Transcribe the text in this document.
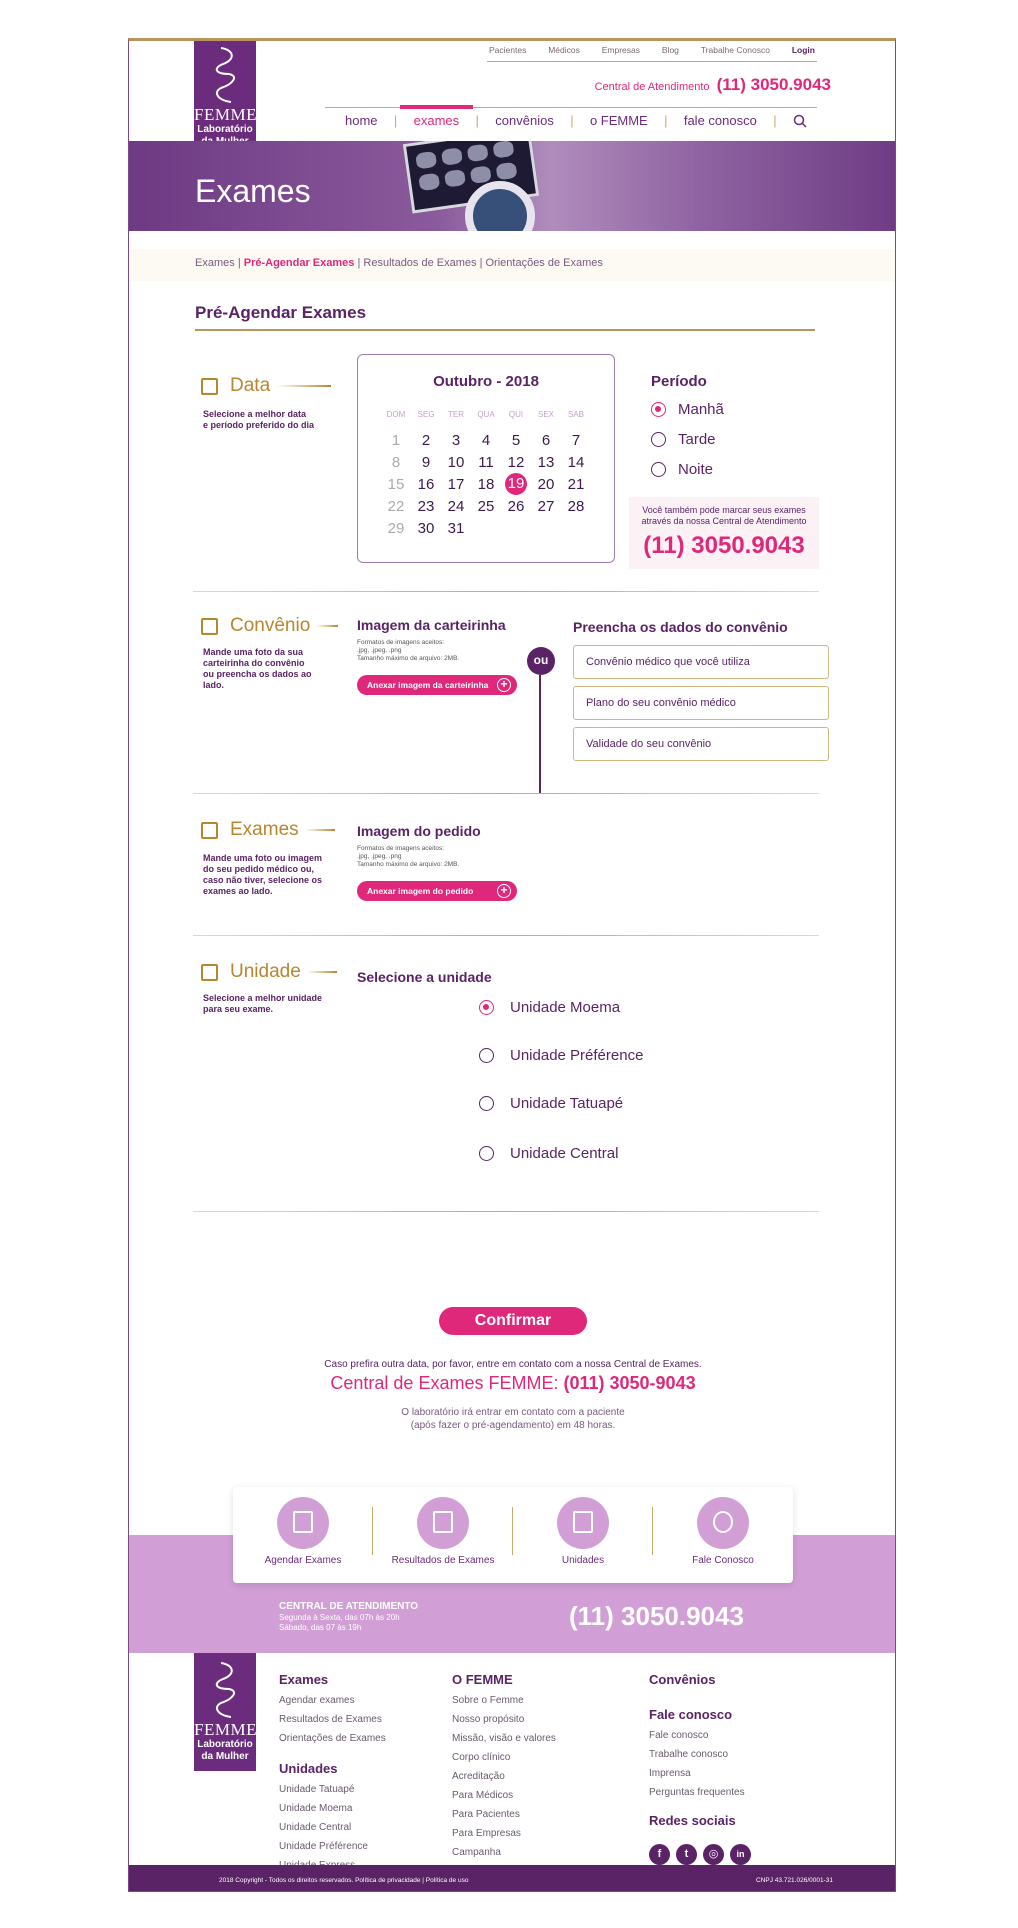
FEMME
Laboratório
Pacientes	Médicos	Empresas	Blog	Trabalhe Conosco	Login
Central de Atendimento (11) 3050.9043
home | exames | convênios | o FEMME | fale conosco |
Exames
Exames | Pré-Agendar Exames | Resultados de Exames | Orientações de Exames
Pré-Agendar Exames
Data
Selecione a melhor data
e período preferido do dia
Outubro - 2018
DOM	SEG	TER	QUA	QUI	SEX	SAB
1	2	3	4	5	6	7
8	9	10 11 12 13 14
15 16 17 18 19 20 21
22 23 24 25 26 27 28
29 30 31
Período
Manhã
Tarde
Noite
Você também pode marcar seus exames
através da nossa Central de Atendimento
(11) 3050.9043
Convênio
Mande uma foto da sua
carteirinha do convênio
ou preencha os dados ao lado.
Imagem da carteirinha
Formatos de imagens aceitos:
.jpg, .jpeg, .png
Tamanho máximo de arquivo: 2MB.
Anexar imagem da carteirinha +
ou
Preencha os dados do convênio
Convênio médico que você utiliza
Plano do seu convênio médico
Validade do seu convênio
Exames
Mande uma foto ou imagem
do seu pedido médico ou,
caso não tiver, selecione os
exames ao lado.
Imagem do pedido
Formatos de imagens aceitos:
.jpg, .jpeg, .png
Tamanho máximo de arquivo: 2MB.
Anexar imagem do pedido +
Unidade
Selecione a melhor unidade
para seu exame.
Selecione a unidade
Unidade Moema
Unidade Préférence
Unidade Tatuapé
Unidade Central
Confirmar
Caso prefira outra data, por favor, entre em contato com a nossa Central de Exames.
Central de Exames FEMME: (011) 3050-9043
O laboratório irá entrar em contato com a paciente
(após fazer o pré-agendamento) em 48 horas.
Agendar Exames	Resultados de Exames	Unidades	Fale Conosco
CENTRAL DE ATENDIMENTO
Segunda à Sexta, das 07h às 20h
Sábado, das 07 às 19h	(11) 3050.9043
FEMME
Laboratório
da Mulher
Exames
Agendar exames
Resultados de Exames
Orientações de Exames
Unidades
Unidade Tatuapé
Unidade Moema
Unidade Central
Unidade Préférence
O FEMME
Sobre o Femme
Nosso propósito
Missão, visão e valores
Corpo clínico
Acreditação
Para Médicos
Para Pacientes
Para Empresas
Campanha
Convênios
Fale conosco
Fale conosco
Trabalhe conosco
Imprensa
Perguntas frequentes
Redes sociais
f	t	◎	in
2018 Copyright - Todos os direitos reservados. Política de privacidade | Política de uso	CNPJ 43.721.026/0001-31
